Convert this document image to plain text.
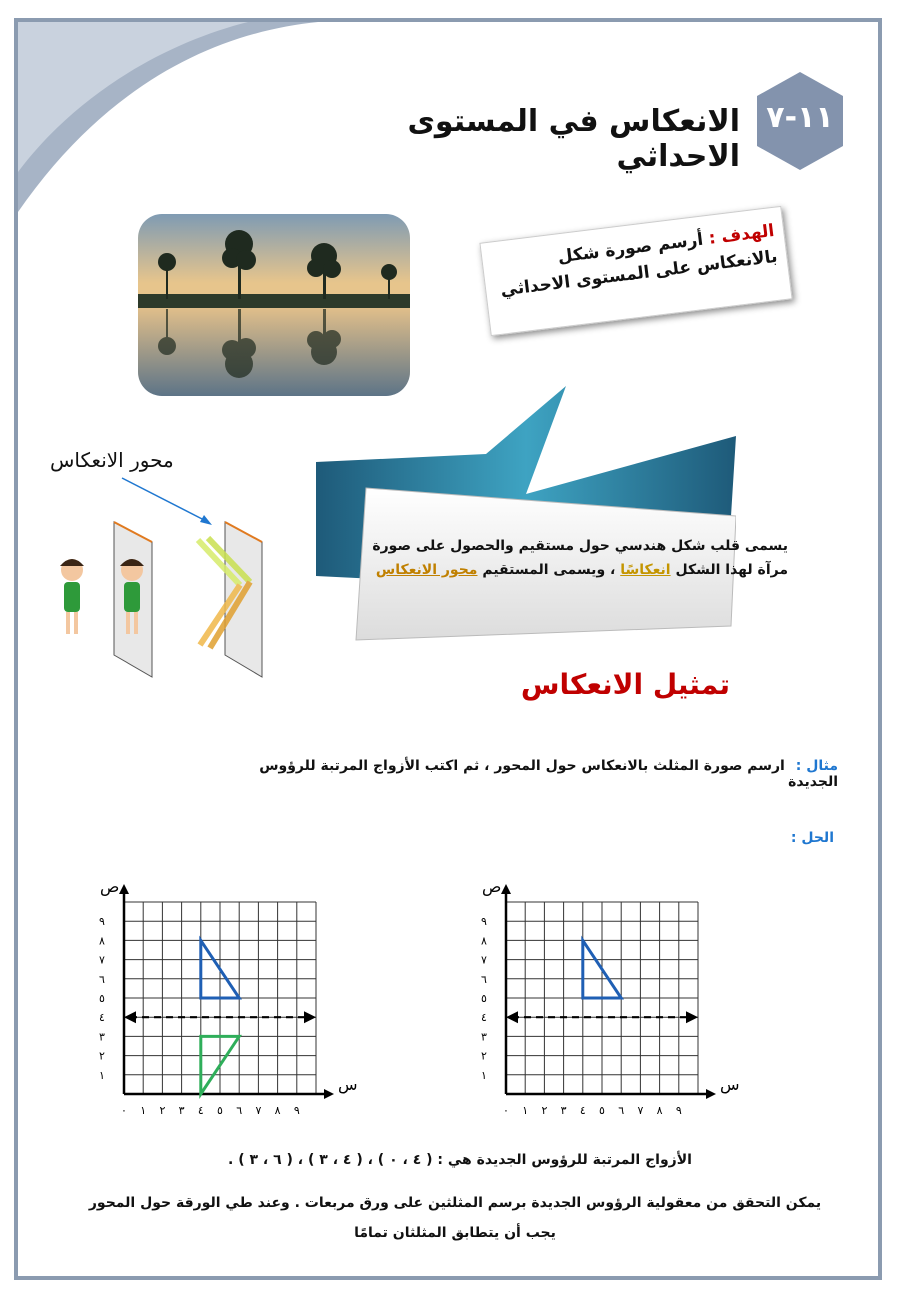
١١-٧
الانعكاس في المستوى الاحداثي
الهدف : أرسم صورة شكل بالانعكاس على المستوى الاحداثي
محور الانعكاس
يسمى قلب شكل هندسي حول مستقيم والحصول على صورة مرآة لهذا الشكل انعكاسًا ، ويسمى المستقيم محور الانعكاس
تمثيل الانعكاس
مثال : ارسم صورة المثلث بالانعكاس حول المحور ، ثم اكتب الأزواج المرتبة للرؤوس الجديدة
الحل :
ص
س
٠ ١ ٢ ٣ ٤ ٥ ٦ ٧ ٨ ٩
١
٢
٣
٤
٥
٦
٧
٨
٩
ص
س
٠ ١ ٢ ٣ ٤ ٥ ٦ ٧ ٨ ٩
١
٢
٣
٤
٥
٦
٧
٨
٩
الأزواج المرتبة للرؤوس الجديدة هي : ( ٤ ، ٠ ) ، ( ٤ ، ٣ ) ، ( ٦ ، ٣ ) .
يمكن التحقق من معقولية الرؤوس الجديدة برسم المثلثين على ورق مربعات . وعند طي الورقة حول المحور
يجب أن يتطابق المثلثان تمامًا
